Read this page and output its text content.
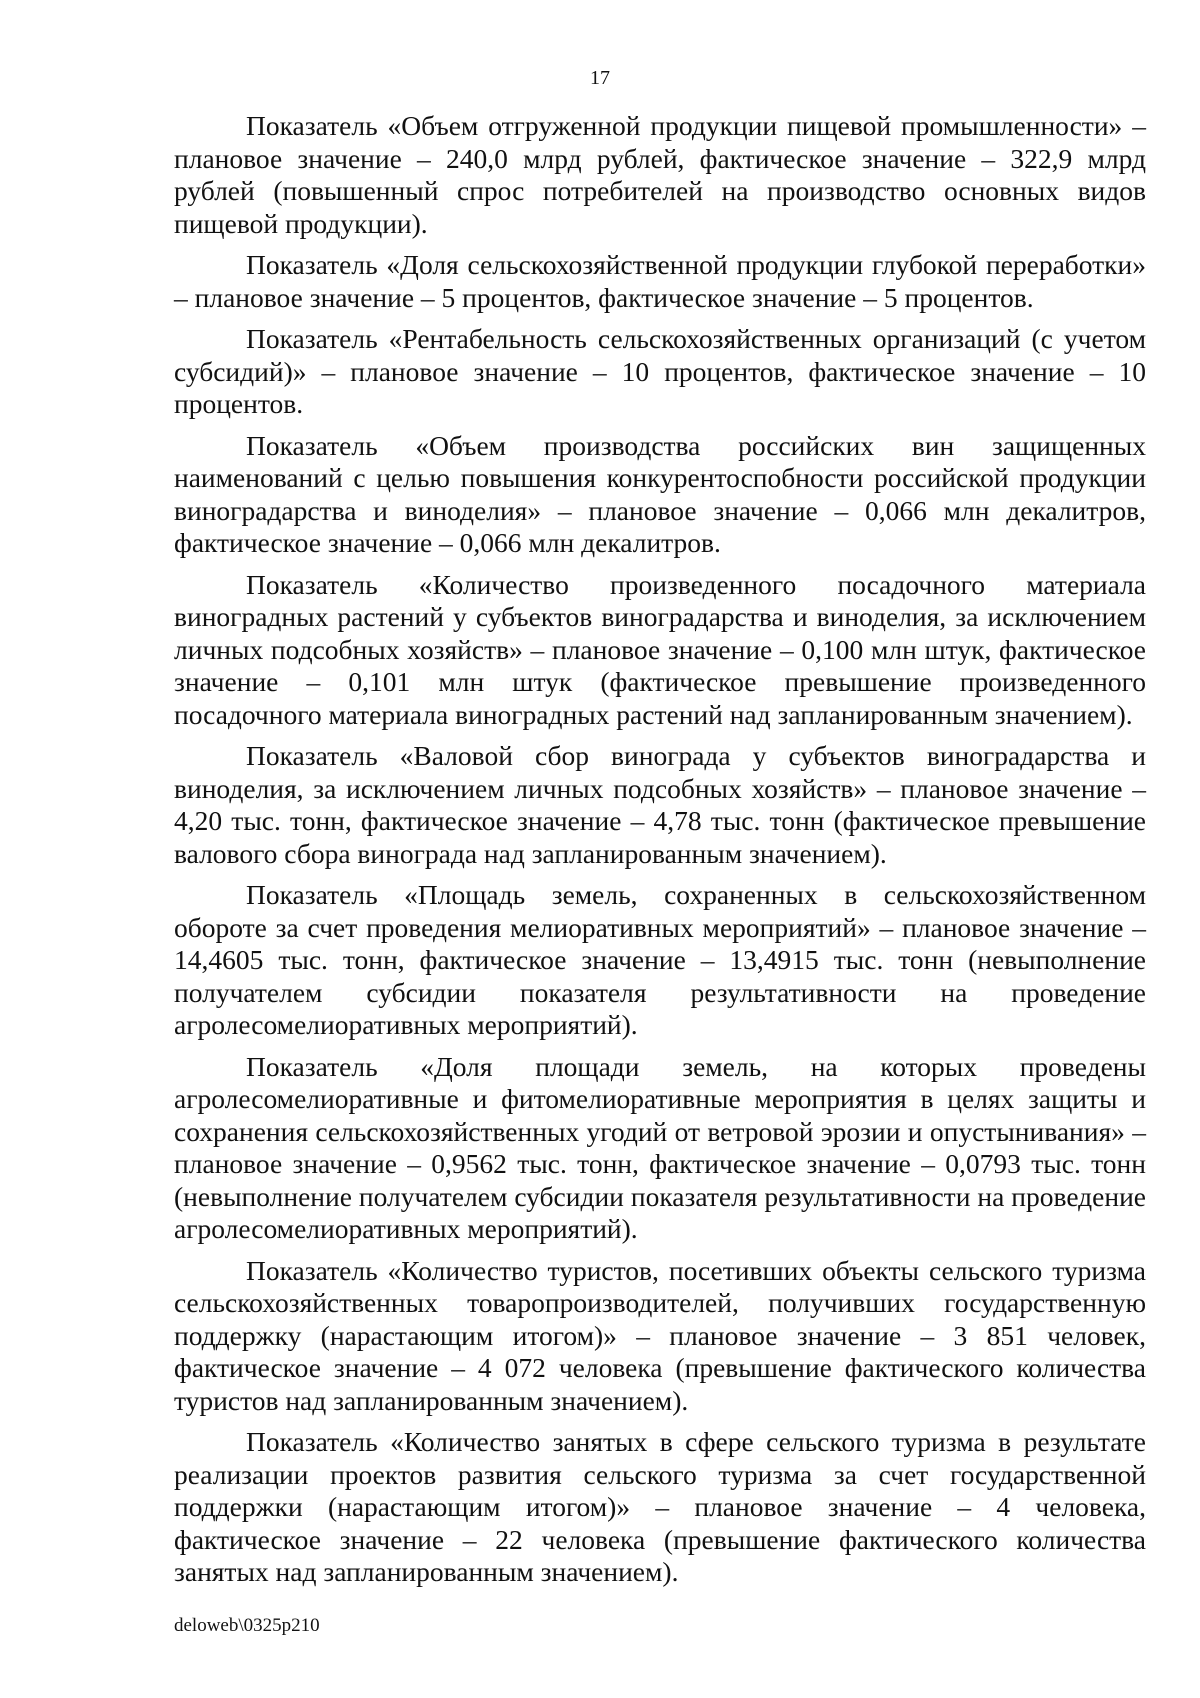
17

Показатель «Объем отгруженной продукции пищевой промышленности» – плановое значение – 240,0 млрд рублей, фактическое значение – 322,9 млрд рублей (повышенный спрос потребителей на производство основных видов пищевой продукции).

Показатель «Доля сельскохозяйственной продукции глубокой переработки» – плановое значение – 5 процентов, фактическое значение – 5 процентов.

Показатель «Рентабельность сельскохозяйственных организаций (с учетом субсидий)» – плановое значение – 10 процентов, фактическое значение – 10 процентов.

Показатель «Объем производства российских вин защищенных наименований с целью повышения конкурентоспобности российской продукции виноградарства и виноделия» – плановое значение – 0,066 млн декалитров, фактическое значение – 0,066 млн декалитров.

Показатель «Количество произведенного посадочного материала виноградных растений у субъектов виноградарства и виноделия, за исключением личных подсобных хозяйств» – плановое значение – 0,100 млн штук, фактическое значение – 0,101 млн штук (фактическое превышение произведенного посадочного материала виноградных растений над запланированным значением).

Показатель «Валовой сбор винограда у субъектов виноградарства и виноделия, за исключением личных подсобных хозяйств» – плановое значение – 4,20 тыс. тонн, фактическое значение – 4,78 тыс. тонн (фактическое превышение валового сбора винограда над запланированным значением).

Показатель «Площадь земель, сохраненных в сельскохозяйственном обороте за счет проведения мелиоративных мероприятий» – плановое значение – 14,4605 тыс. тонн, фактическое значение – 13,4915 тыс. тонн (невыполнение получателем субсидии показателя результативности на проведение агролесомелиоративных мероприятий).

Показатель «Доля площади земель, на которых проведены агролесомелиоративные и фитомелиоративные мероприятия в целях защиты и сохранения сельскохозяйственных угодий от ветровой эрозии и опустынивания» – плановое значение – 0,9562 тыс. тонн, фактическое значение – 0,0793 тыс. тонн (невыполнение получателем субсидии показателя результативности на проведение агролесомелиоративных мероприятий).

Показатель «Количество туристов, посетивших объекты сельского туризма сельскохозяйственных товаропроизводителей, получивших государственную поддержку (нарастающим итогом)» – плановое значение – 3 851 человек, фактическое значение – 4 072 человека (превышение фактического количества туристов над запланированным значением).

Показатель «Количество занятых в сфере сельского туризма в результате реализации проектов развития сельского туризма за счет государственной поддержки (нарастающим итогом)» – плановое значение – 4 человека, фактическое значение – 22 человека (превышение фактического количества занятых над запланированным значением).

deloweb\0325p210
